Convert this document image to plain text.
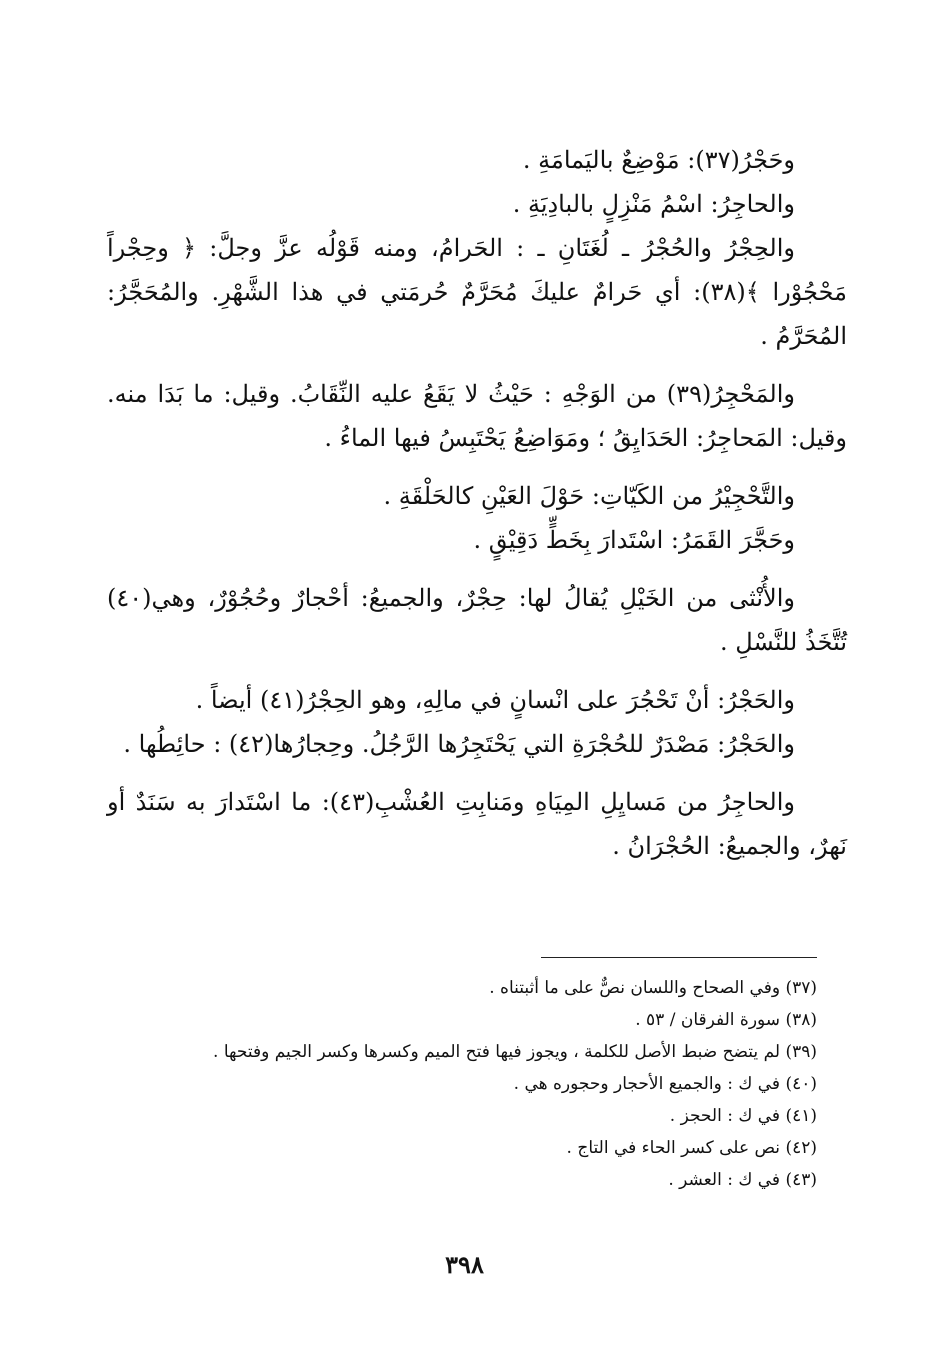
وحَجْرُ(٣٧): مَوْضِعٌ باليَمامَةِ .

والحاجِرُ: اسْمُ مَنْزِلٍ بالبادِيَةِ .

والحِجْرُ والحُجْرُ ـ لُغَتَانِ ـ : الحَرامُ، ومنه قَوْلُه عزَّ وجلَّ: ﴿ وحِجْراً مَحْجُوْرا ﴾(٣٨): أي حَرامٌ عليكَ مُحَرَّمٌ حُرمَتي في هذا الشَّهْرِ. والمُحَجَّرُ: المُحَرَّمُ .

والمَحْجِرُ(٣٩) من الوَجْهِ : حَيْثُ لا يَقَعُ عليه النِّقَابُ. وقيل: ما بَدَا منه. وقيل: المَحاجِرُ: الحَدَايِقُ ؛ ومَوَاضِعُ يَحْتَبِسُ فيها الماءُ .

والتَّحْجِيْرُ من الكَيّاتِ: حَوْلَ العَيْنِ كالحَلْقَةِ .

وحَجَّرَ القَمَرُ: اسْتَدارَ بِخَطٍّ دَقِيْقٍ .

والأُنْثى من الخَيْلِ يُقالُ لها: حِجْرٌ، والجميعُ: أحْجارٌ وحُجُوْرٌ، وهي(٤٠) تُتَّخَذُ للنَّسْلِ .

والحَجْرُ: أنْ تَحْجُرَ على انْسانٍ في مالِهِ، وهو الحِجْرُ(٤١) أيضاً .

والحَجْرُ: مَصْدَرٌ للحُجْرَةِ التي يَحْتَجِرُها الرَّجُلُ. وحِجارُها(٤٢) : حائِطُها .

والحاجِرُ من مَسايِلِ المِيَاهِ ومَنابِتِ العُشْبِ(٤٣): ما اسْتَدارَ به سَنَدٌ أو نَهرٌ، والجميعُ: الحُجْرَانُ .

(٣٧) وفي الصحاح واللسان نصٌّ على ما أثبتناه .

(٣٨) سورة الفرقان / ٥٣ .

(٣٩) لم يتضح ضبط الأصل للكلمة ، ويجوز فيها فتح الميم وكسرها وكسر الجيم وفتحها .

(٤٠) في ك : والجميع الأحجار وحجوره هي .

(٤١) في ك : الحجز .

(٤٢) نص على كسر الحاء في التاج .

(٤٣) في ك : العشر .

٣٩٨
